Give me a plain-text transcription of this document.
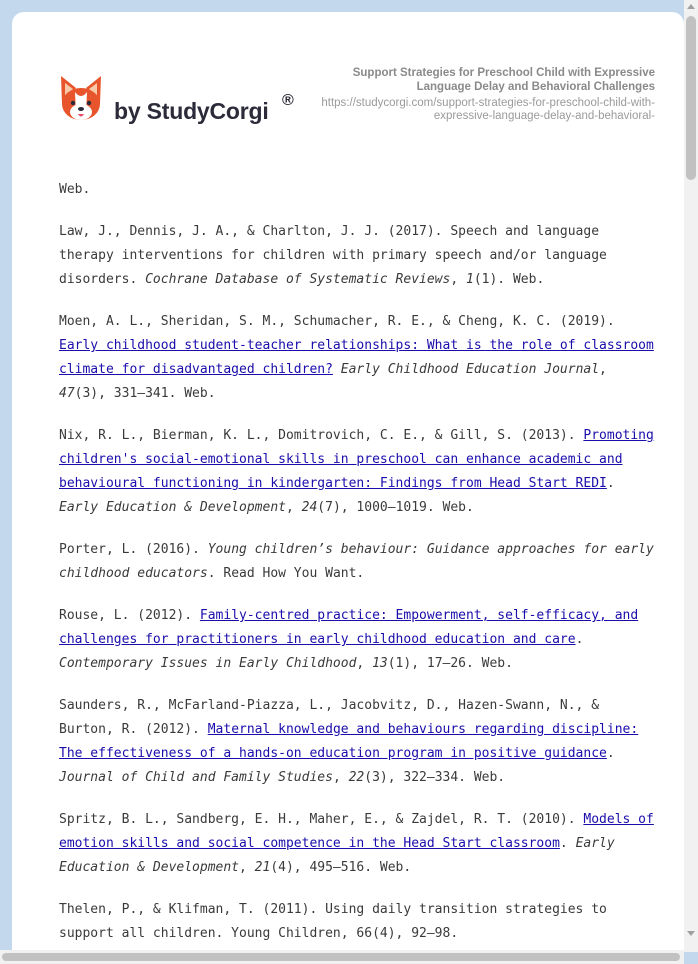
by StudyCorgi ®
Support Strategies for Preschool Child with Expressive Language Delay and Behavioral Challenges
https://studycorgi.com/support-strategies-for-preschool-child-with-expressive-language-delay-and-behavioral-

Web.

Law, J., Dennis, J. A., & Charlton, J. J. (2017). Speech and language therapy interventions for children with primary speech and/or language disorders. Cochrane Database of Systematic Reviews, 1(1). Web.

Moen, A. L., Sheridan, S. M., Schumacher, R. E., & Cheng, K. C. (2019). Early childhood student-teacher relationships: What is the role of classroom climate for disadvantaged children? Early Childhood Education Journal, 47(3), 331–341. Web.

Nix, R. L., Bierman, K. L., Domitrovich, C. E., & Gill, S. (2013). Promoting children's social-emotional skills in preschool can enhance academic and behavioural functioning in kindergarten: Findings from Head Start REDI. Early Education & Development, 24(7), 1000–1019. Web.

Porter, L. (2016). Young children’s behaviour: Guidance approaches for early childhood educators. Read How You Want.

Rouse, L. (2012). Family-centred practice: Empowerment, self-efficacy, and challenges for practitioners in early childhood education and care. Contemporary Issues in Early Childhood, 13(1), 17–26. Web.

Saunders, R., McFarland-Piazza, L., Jacobvitz, D., Hazen-Swann, N., & Burton, R. (2012). Maternal knowledge and behaviours regarding discipline: The effectiveness of a hands-on education program in positive guidance. Journal of Child and Family Studies, 22(3), 322–334. Web.

Spritz, B. L., Sandberg, E. H., Maher, E., & Zajdel, R. T. (2010). Models of emotion skills and social competence in the Head Start classroom. Early Education & Development, 21(4), 495–516. Web.

Thelen, P., & Klifman, T. (2011). Using daily transition strategies to support all children. Young Children, 66(4), 92–98.
